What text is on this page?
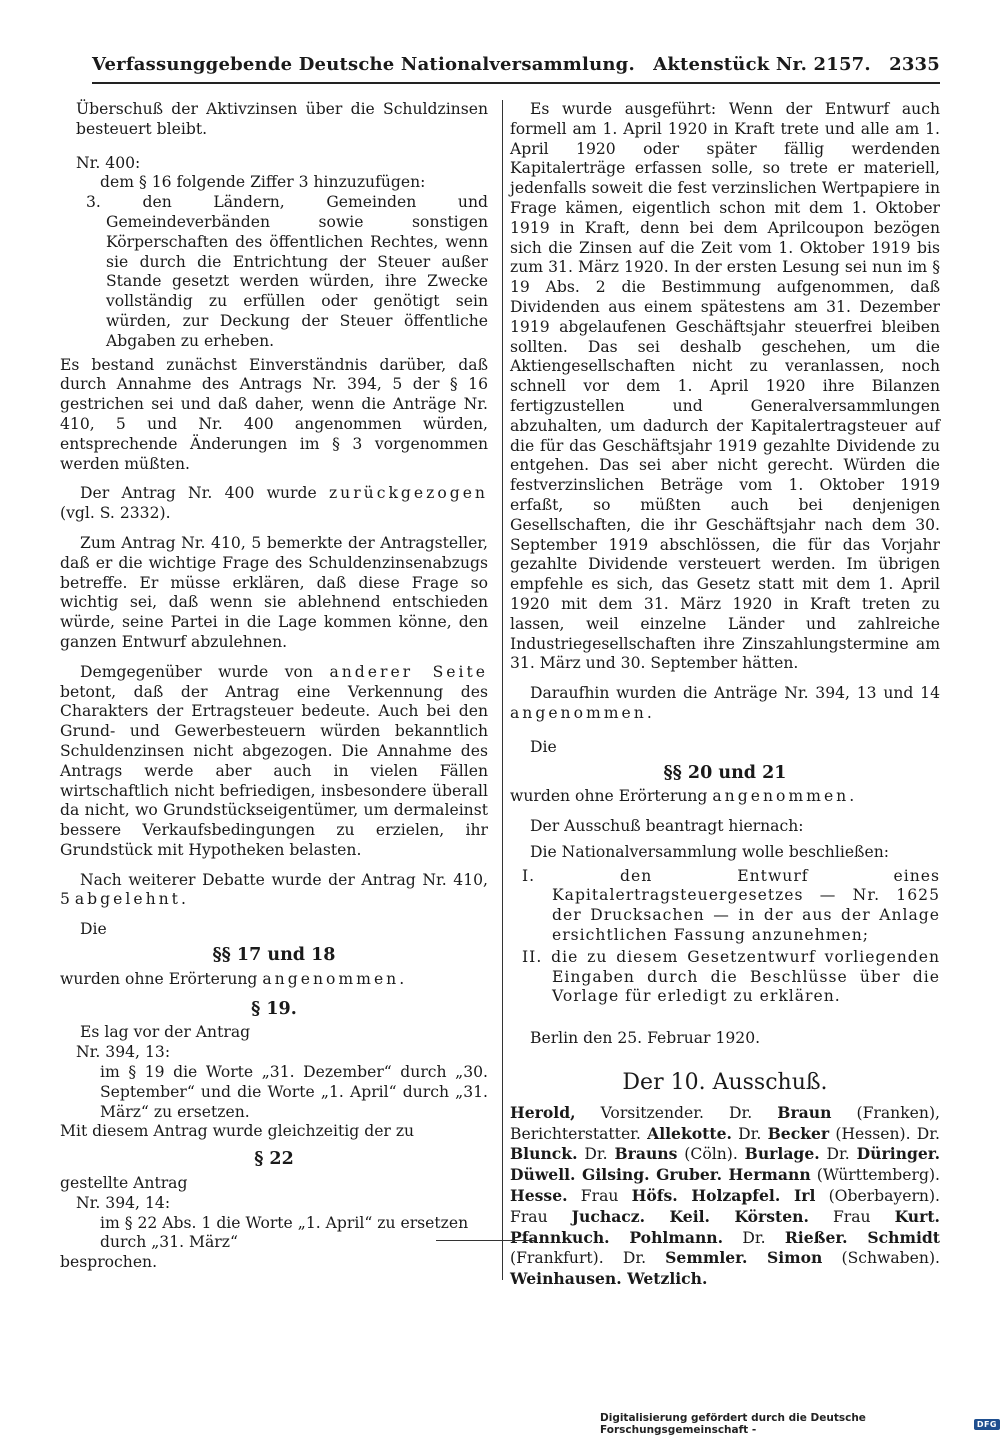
Verfassunggebende Deutsche Nationalversammlung. Aktenstück Nr. 2157. 2335

Überschuß der Aktivzinsen über die Schuldzinsen besteuert bleibt.

Nr. 400:

dem § 16 folgende Ziffer 3 hinzuzufügen:

3. den Ländern, Gemeinden und Gemeindeverbänden sowie sonstigen Körperschaften des öffentlichen Rechtes, wenn sie durch die Entrichtung der Steuer außer Stande gesetzt werden würden, ihre Zwecke vollständig zu erfüllen oder genötigt sein würden, zur Deckung der Steuer öffentliche Abgaben zu erheben.

Es bestand zunächst Einverständnis darüber, daß durch Annahme des Antrags Nr. 394, 5 der § 16 gestrichen sei und daß daher, wenn die Anträge Nr. 410, 5 und Nr. 400 angenommen würden, entsprechende Änderungen im § 3 vorgenommen werden müßten.

Der Antrag Nr. 400 wurde zurückgezogen (vgl. S. 2332).

Zum Antrag Nr. 410, 5 bemerkte der Antragsteller, daß er die wichtige Frage des Schuldenzinsenabzugs betreffe. Er müsse erklären, daß diese Frage so wichtig sei, daß wenn sie ablehnend entschieden würde, seine Partei in die Lage kommen könne, den ganzen Entwurf abzulehnen.

Demgegenüber wurde von anderer Seite betont, daß der Antrag eine Verkennung des Charakters der Ertragsteuer bedeute. Auch bei den Grund- und Gewerbesteuern würden bekanntlich Schuldenzinsen nicht abgezogen. Die Annahme des Antrags werde aber auch in vielen Fällen wirtschaftlich nicht befriedigen, insbesondere überall da nicht, wo Grundstückseigentümer, um dermaleinst bessere Verkaufsbedingungen zu erzielen, ihr Grundstück mit Hypotheken belasten.

Nach weiterer Debatte wurde der Antrag Nr. 410, 5 abgelehnt.

Die

§§ 17 und 18

wurden ohne Erörterung angenommen.

§ 19.

Es lag vor der Antrag

Nr. 394, 13:

im § 19 die Worte „31. Dezember“ durch „30. September“ und die Worte „1. April“ durch „31. März“ zu ersetzen.

Mit diesem Antrag wurde gleichzeitig der zu

§ 22

gestellte Antrag

Nr. 394, 14:

im § 22 Abs. 1 die Worte „1. April“ zu ersetzen durch „31. März“

besprochen.

Es wurde ausgeführt: Wenn der Entwurf auch formell am 1. April 1920 in Kraft trete und alle am 1. April 1920 oder später fällig werdenden Kapitalerträge erfassen solle, so trete er materiell, jedenfalls soweit die fest verzinslichen Wertpapiere in Frage kämen, eigentlich schon mit dem 1. Oktober 1919 in Kraft, denn bei dem Aprilcoupon bezögen sich die Zinsen auf die Zeit vom 1. Oktober 1919 bis zum 31. März 1920. In der ersten Lesung sei nun im § 19 Abs. 2 die Bestimmung aufgenommen, daß Dividenden aus einem spätestens am 31. Dezember 1919 abgelaufenen Geschäftsjahr steuerfrei bleiben sollten. Das sei deshalb geschehen, um die Aktiengesellschaften nicht zu veranlassen, noch schnell vor dem 1. April 1920 ihre Bilanzen fertigzustellen und Generalversammlungen abzuhalten, um dadurch der Kapitalertragsteuer auf die für das Geschäftsjahr 1919 gezahlte Dividende zu entgehen. Das sei aber nicht gerecht. Würden die festverzinslichen Beträge vom 1. Oktober 1919 erfaßt, so müßten auch bei denjenigen Gesellschaften, die ihr Geschäftsjahr nach dem 30. September 1919 abschlössen, die für das Vorjahr gezahlte Dividende versteuert werden. Im übrigen empfehle es sich, das Gesetz statt mit dem 1. April 1920 mit dem 31. März 1920 in Kraft treten zu lassen, weil einzelne Länder und zahlreiche Industriegesellschaften ihre Zinszahlungstermine am 31. März und 30. September hätten.

Daraufhin wurden die Anträge Nr. 394, 13 und 14 angenommen.

Die

§§ 20 und 21

wurden ohne Erörterung angenommen.

Der Ausschuß beantragt hiernach:

Die Nationalversammlung wolle beschließen:

I. den Entwurf eines Kapitalertragsteuergesetzes — Nr. 1625 der Drucksachen — in der aus der Anlage ersichtlichen Fassung anzunehmen;

II. die zu diesem Gesetzentwurf vorliegenden Eingaben durch die Beschlüsse über die Vorlage für erledigt zu erklären.

Berlin den 25. Februar 1920.

Der 10. Ausschuß.

Herold, Vorsitzender. Dr. Braun (Franken), Berichterstatter. Allekotte. Dr. Becker (Hessen). Dr. Blunck. Dr. Brauns (Cöln). Burlage. Dr. Düringer. Düwell. Gilsing. Gruber. Hermann (Württemberg). Hesse. Frau Höfs. Holzapfel. Irl (Oberbayern). Frau Juchacz. Keil. Körsten. Frau Kurt. Pfannkuch. Pohlmann. Dr. Rießer. Schmidt (Frankfurt). Dr. Semmler. Simon (Schwaben). Weinhausen. Wetzlich.

Digitalisierung gefördert durch die Deutsche Forschungsgemeinschaft -	DFG
